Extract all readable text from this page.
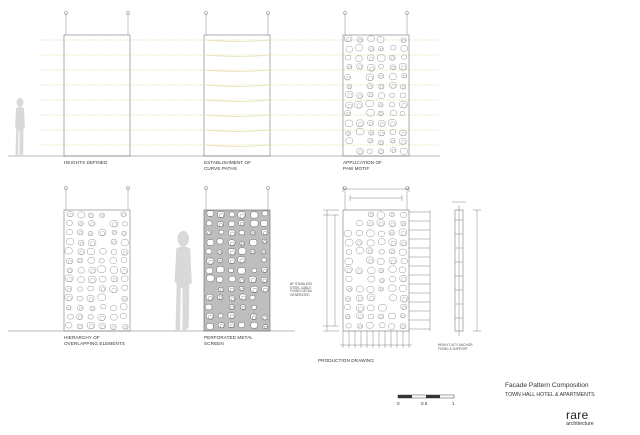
HEIGHTS DEFINED	ESTABLISHMENT OF
CURVE PATHS
APPLICATION OF
PAW MOTIF
HIERARCHY OF
OVERLAPPING ELEMENTS
PERFORATED METAL
SCREEN
PRODUCTION DRAWING
BF STAINLESS
STEEL CABLE
FIXING DETAIL
GENERATED
HEAVY DUTY ANCHOR
FIXING & SUPPORT
Facade Pattern Composition
TOWN HALL HOTEL & APARTMENTS
0	0.5	1
rare
architecture
